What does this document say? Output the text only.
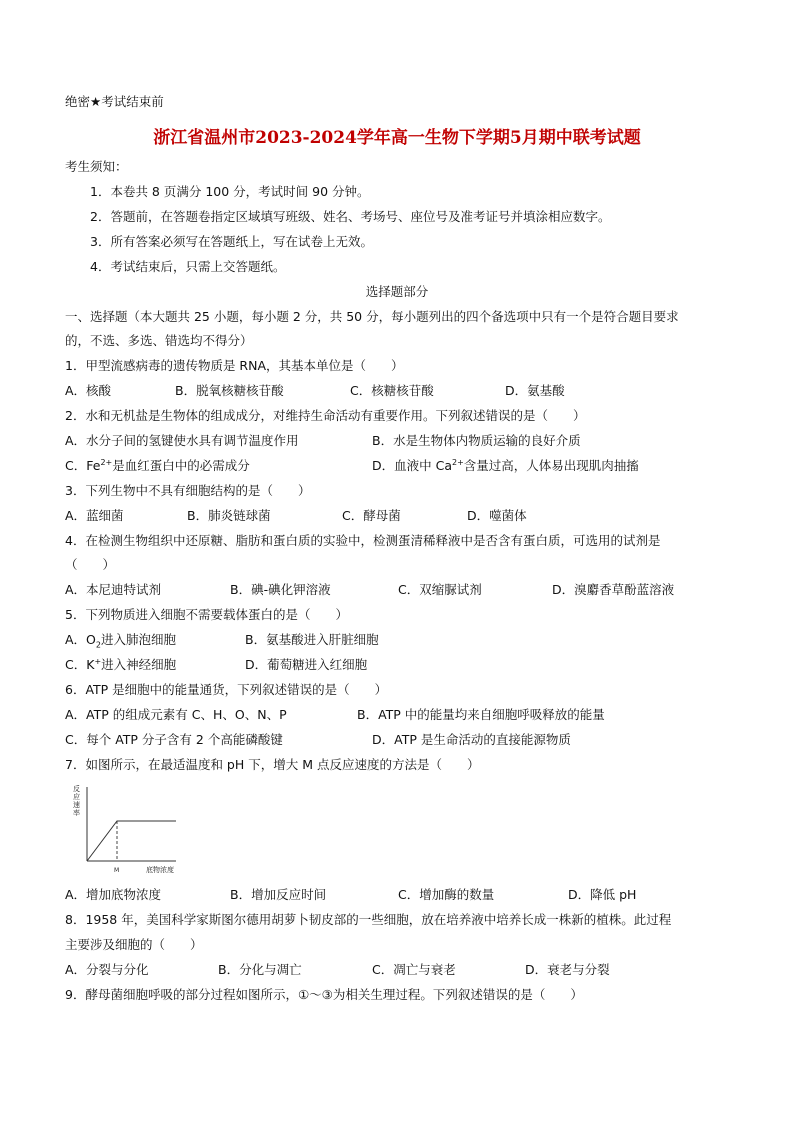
绝密★考试结束前
浙江省温州市2023-2024学年高一生物下学期5月期中联考试题
考生须知：
1．本卷共 8 页满分 100 分，考试时间 90 分钟。
2．答题前，在答题卷指定区域填写班级、姓名、考场号、座位号及准考证号并填涂相应数字。
3．所有答案必须写在答题纸上，写在试卷上无效。
4．考试结束后，只需上交答题纸。
选择题部分
一、选择题（本大题共 25 小题，每小题 2 分，共 50 分，每小题列出的四个备选项中只有一个是符合题目要求
的，不选、多选、错选均不得分）
1．甲型流感病毒的遗传物质是 RNA，其基本单位是（　　）
A．核酸	B．脱氧核糖核苷酸	C．核糖核苷酸	D．氨基酸
2．水和无机盐是生物体的组成成分，对维持生命活动有重要作用。下列叙述错误的是（　　）
A．水分子间的氢键使水具有调节温度作用	B．水是生物体内物质运输的良好介质
C．$Fe^{2+}$是血红蛋白中的必需成分	D．血液中 $Ca^{2+}$含量过高，人体易出现肌肉抽搐
3．下列生物中不具有细胞结构的是（　　）
A．蓝细菌	B．肺炎链球菌	C．酵母菌	D．噬菌体
4．在检测生物组织中还原糖、脂肪和蛋白质的实验中，检测蛋清稀释液中是否含有蛋白质，可选用的试剂是
（　　）
A．本尼迪特试剂	B．碘-碘化钾溶液	C．双缩脲试剂	D．溴麝香草酚蓝溶液
5．下列物质进入细胞不需要载体蛋白的是（　　）
A．$O_2$进入肺泡细胞	B．氨基酸进入肝脏细胞
C．K+进入神经细胞	D．葡萄糖进入红细胞
6．ATP 是细胞中的能量通货，下列叙述错误的是（　　）
A．ATP 的组成元素有 C、H、O、N、P	B．ATP 中的能量均来自细胞呼吸释放的能量
C．每个 ATP 分子含有 2 个高能磷酸键	D．ATP 是生命活动的直接能源物质
7．如图所示，在最适温度和 pH 下，增大 M 点反应速度的方法是（　　）
反
应
速
率
M	底物浓度
A．增加底物浓度	B．增加反应时间	C．增加酶的数量	D．降低 pH
8．1958 年，美国科学家斯图尔德用胡萝卜韧皮部的一些细胞，放在培养液中培养长成一株新的植株。此过程
主要涉及细胞的（　　）
A．分裂与分化	B．分化与凋亡	C．凋亡与衰老	D．衰老与分裂
9．酵母菌细胞呼吸的部分过程如图所示，①～③为相关生理过程。下列叙述错误的是（　　）
